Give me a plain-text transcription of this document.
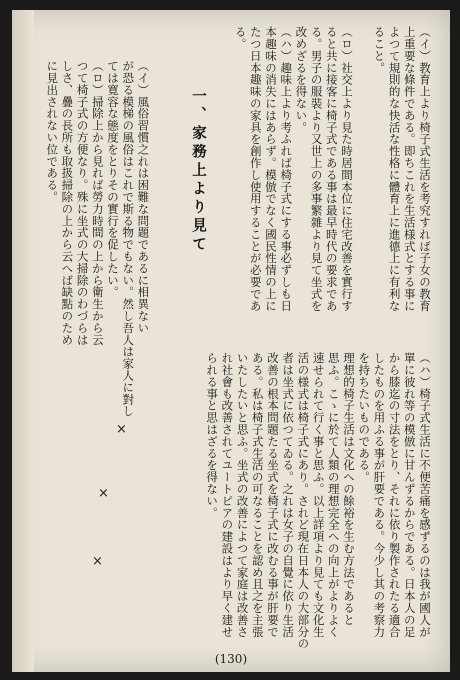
（イ）教育上より椅子式生活を考究すれば子女の教育
上重要な條件である。即ちこれを生活様式とする事に
よつて規則的な快活な性格に體育上に進德上に有利な
ること。
（ロ）社交上より見た時居間本位に住宅改善を實行す
ると共に接客に椅子式である事は最早時代の要求であ
る。男子の服裝より又世上の多事繁雜より見て坐式を
改めざるを得ない。
（ハ）趣味上より考ふれば椅子式にする事必ずしも日
本趣味の消失にはあらず。模倣でなく國民性情の上に
たつ日本趣味の家具を創作し使用することが必要であ
る。
一、家務上より見て
（イ）風俗習慣之れは困難な問題であるに相異ない
が恐る模梯の風俗はこれで斯る物でもない。然し吾人は家人に對し
ては寛容な態度をとりその實行を促したい。
（ロ）掃除上から見れば勞力時間の上から衛生から云
つて椅子式の方便なり。殊に坐式の大掃除のわづらは
しさ、疊の長所も取扱掃除の上から云へば缺點のため
に見出されない位である。
（ハ）椅子式生活に不便苦痛を感ずるのは我が國人が
單に彼れ等の模倣に甘んずるからである。日本人の足
から膝迄の寸法をとり、それに依り製作されたる適合
したものを用ふる事が肝要である。今少し其の考察力
を持ちたいものである。
理想的椅子生活は文化への餘裕を生む方法であると
思ふ。こゝに於て人類の理想完全への向上がよりよく
速せられて行く事と思ふ。以上詳項より見ても文化生
活の様式は椅子式にあり。されど現在日本人の大部分の
者は坐式に依つてゐる。之れは女子の自覺に依り生活
改善の根本問題たる坐式を椅子式に改むる事が肝要で
ある。私は椅子式生活の可なることを認め且之を主張
いたしたいと思ふ。坐式の改善によつて家庭は改善さ
れ社會も改善されてユートピアの建設はより早く建せ
られる事と思はざるを得ない。
×
×
×
(130)
